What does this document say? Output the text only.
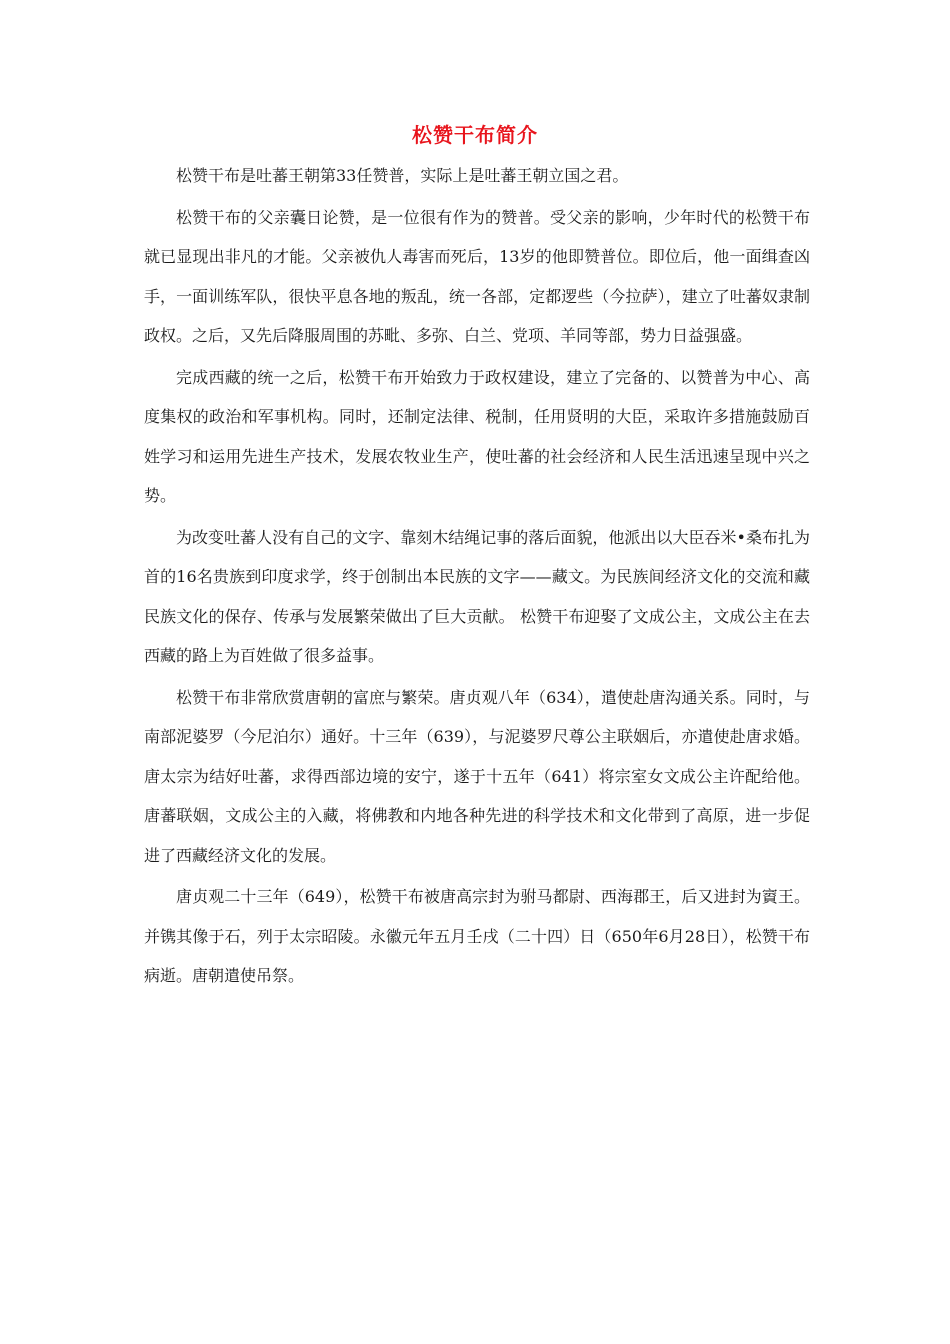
松赞干布简介

松赞干布是吐蕃王朝第33任赞普，实际上是吐蕃王朝立国之君。

松赞干布的父亲囊日论赞，是一位很有作为的赞普。受父亲的影响，少年时代的松赞干布就已显现出非凡的才能。父亲被仇人毒害而死后，13岁的他即赞普位。即位后，他一面缉查凶手，一面训练军队，很快平息各地的叛乱，统一各部，定都逻些（今拉萨），建立了吐蕃奴隶制政权。之后，又先后降服周围的苏毗、多弥、白兰、党项、羊同等部，势力日益强盛。

完成西藏的统一之后，松赞干布开始致力于政权建设，建立了完备的、以赞普为中心、高度集权的政治和军事机构。同时，还制定法律、税制，任用贤明的大臣，采取许多措施鼓励百姓学习和运用先进生产技术，发展农牧业生产，使吐蕃的社会经济和人民生活迅速呈现中兴之势。

为改变吐蕃人没有自己的文字、靠刻木结绳记事的落后面貌，他派出以大臣吞米•桑布扎为首的16名贵族到印度求学，终于创制出本民族的文字——藏文。为民族间经济文化的交流和藏民族文化的保存、传承与发展繁荣做出了巨大贡献。 松赞干布迎娶了文成公主，文成公主在去西藏的路上为百姓做了很多益事。

松赞干布非常欣赏唐朝的富庶与繁荣。唐贞观八年（634），遣使赴唐沟通关系。同时，与南部泥婆罗（今尼泊尔）通好。十三年（639），与泥婆罗尺尊公主联姻后，亦遣使赴唐求婚。唐太宗为结好吐蕃，求得西部边境的安宁，遂于十五年（641）将宗室女文成公主许配给他。唐蕃联姻，文成公主的入藏，将佛教和内地各种先进的科学技术和文化带到了高原，进一步促进了西藏经济文化的发展。

唐贞观二十三年（649），松赞干布被唐高宗封为驸马都尉、西海郡王，后又进封为賨王。并镌其像于石，列于太宗昭陵。永徽元年五月壬戌（二十四）日（650年6月28日），松赞干布病逝。唐朝遣使吊祭。
